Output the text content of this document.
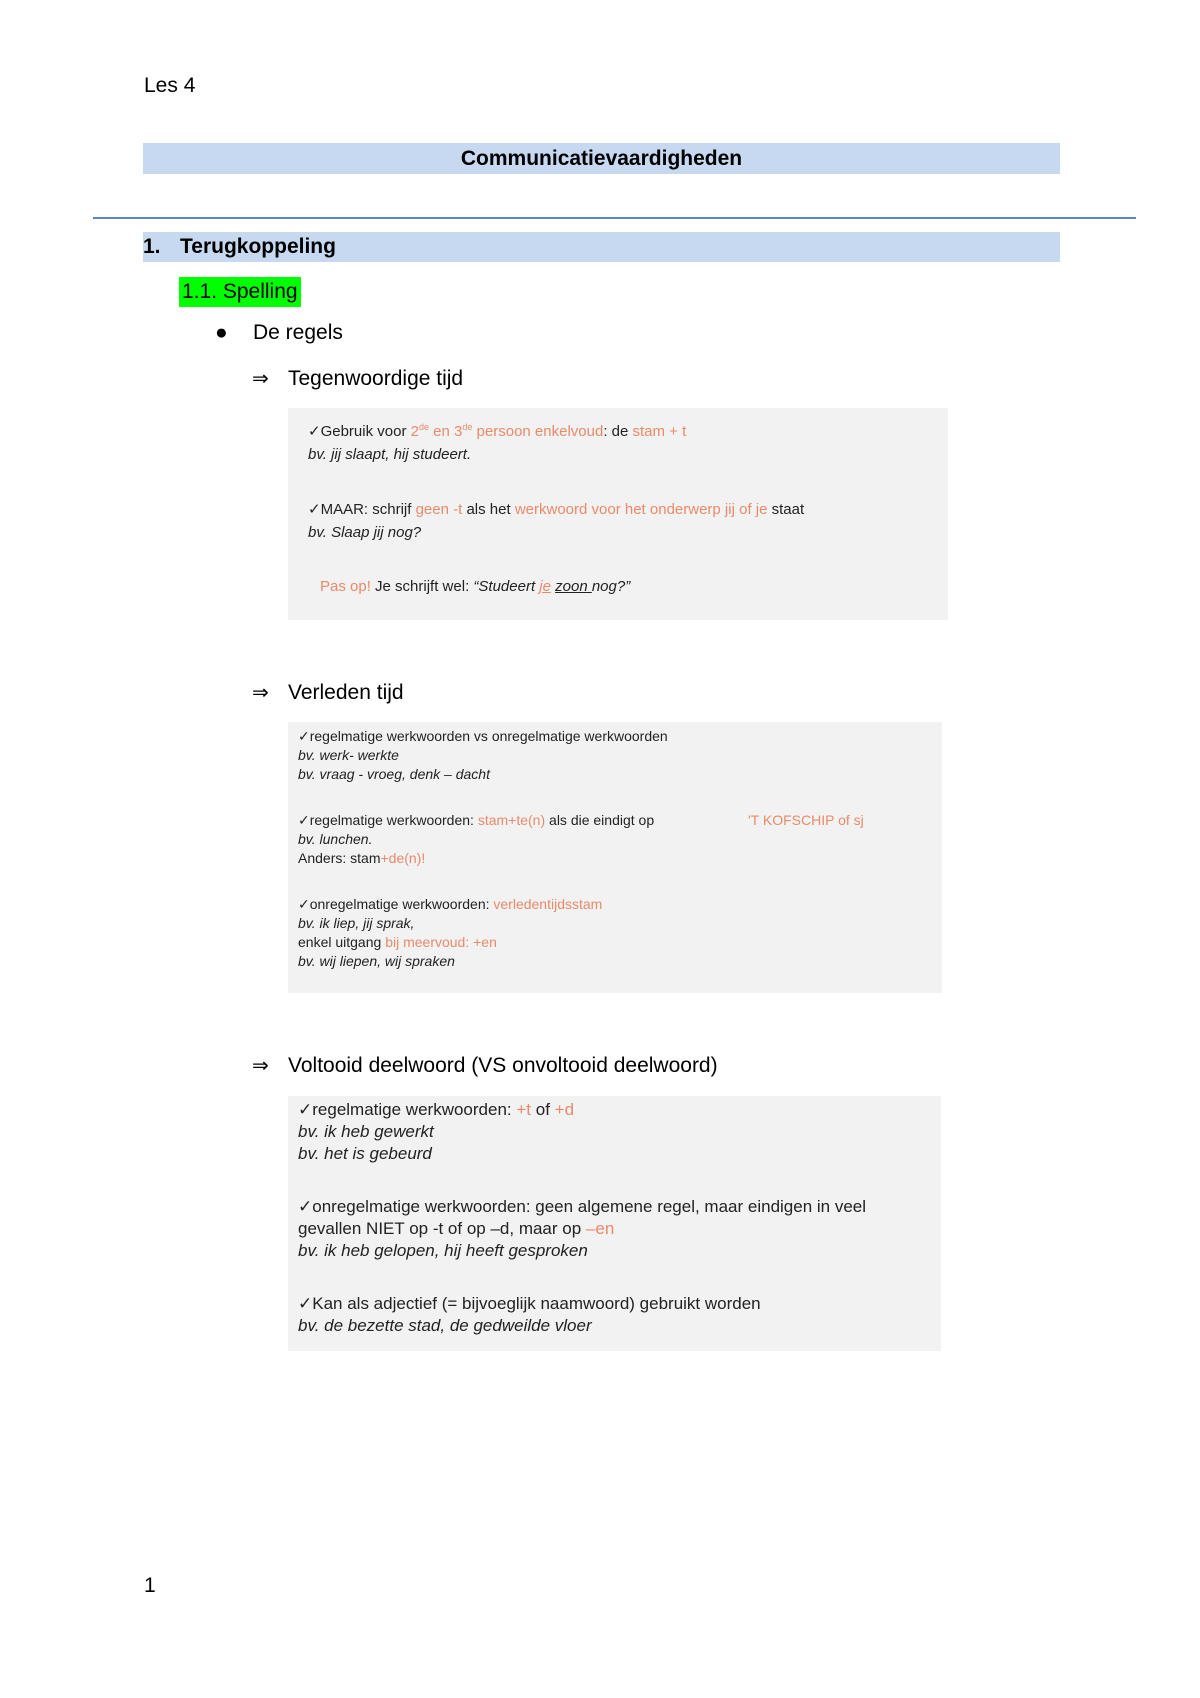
Les 4
Communicatievaardigheden
1. Terugkoppeling
1.1. Spelling
● De regels
⇒ Tegenwoordige tijd
✓Gebruik voor 2de en 3de persoon enkelvoud: de stam + t
bv. jij slaapt, hij studeert.
✓MAAR: schrijf geen -t als het werkwoord voor het onderwerp jij of je staat
bv. Slaap jij nog?
Pas op! Je schrijft wel: “Studeert je zoon nog?”
⇒ Verleden tijd
✓regelmatige werkwoorden vs onregelmatige werkwoorden
bv. werk- werkte
bv. vraag - vroeg, denk – dacht
✓regelmatige werkwoorden: stam+te(n) als die eindigt op	'T KOFSCHIP of sj
bv. lunchen.
Anders: stam+de(n)!
✓onregelmatige werkwoorden: verledentijdsstam
bv. ik liep, jij sprak,
enkel uitgang bij meervoud: +en
bv. wij liepen, wij spraken
⇒ Voltooid deelwoord (VS onvoltooid deelwoord)
✓regelmatige werkwoorden: +t of +d
bv. ik heb gewerkt
bv. het is gebeurd
✓onregelmatige werkwoorden: geen algemene regel, maar eindigen in veel
gevallen NIET op -t of op –d, maar op –en
bv. ik heb gelopen, hij heeft gesproken
✓Kan als adjectief (= bijvoeglijk naamwoord) gebruikt worden
bv. de bezette stad, de gedweilde vloer
1
